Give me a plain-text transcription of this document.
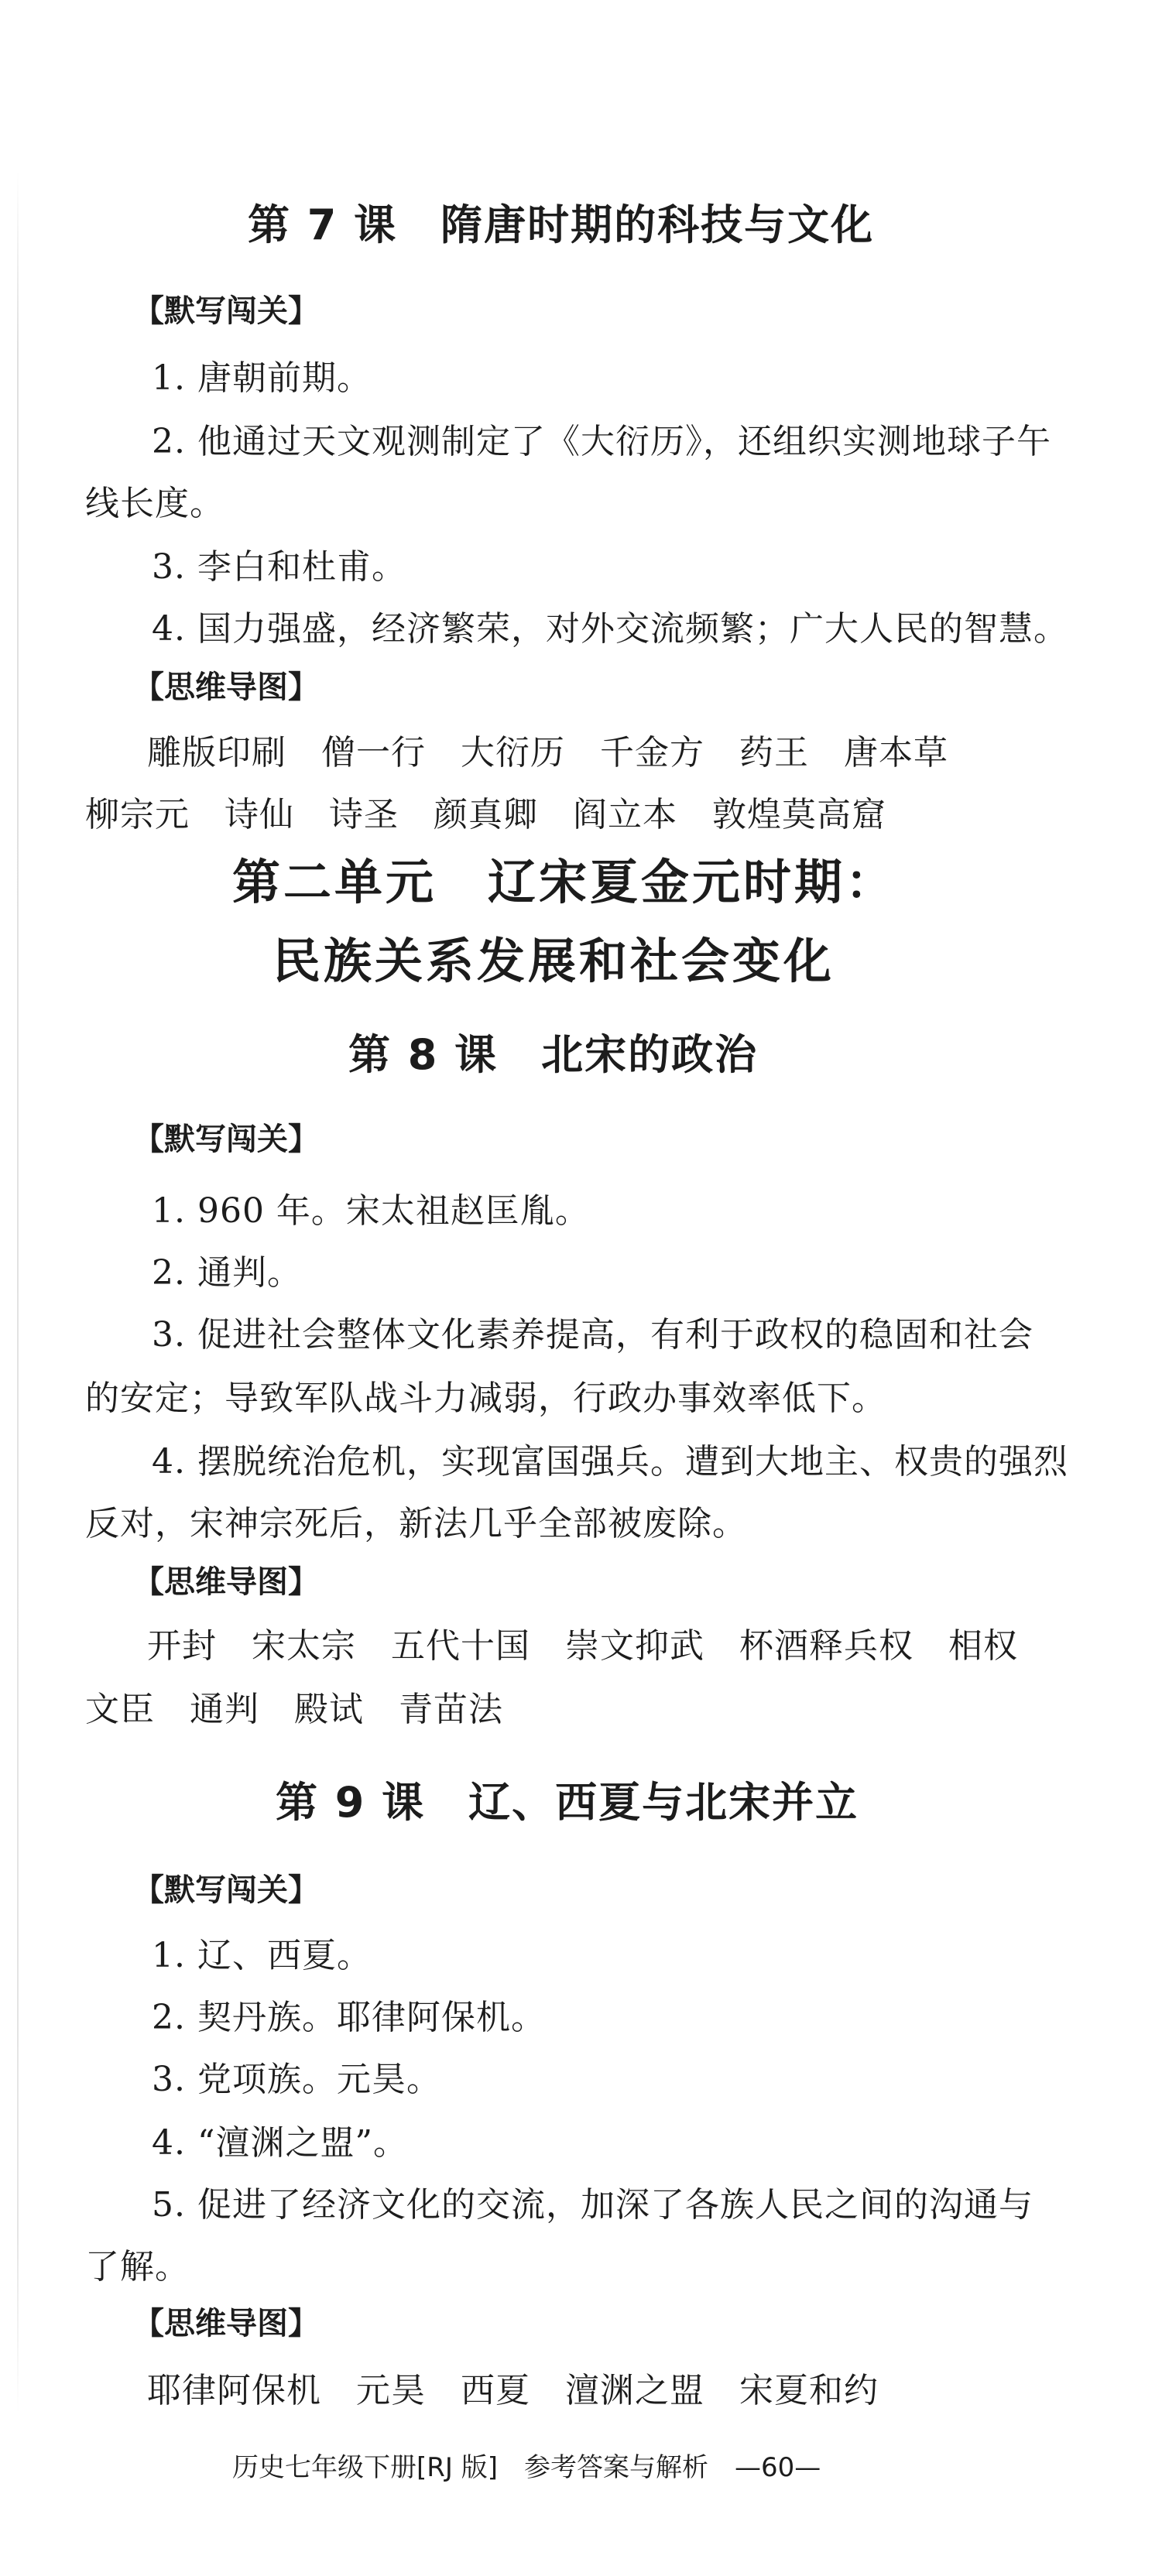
第 7 课　隋唐时期的科技与文化
【默写闯关】
1. 唐朝前期。
2. 他通过天文观测制定了《大衍历》，还组织实测地球子午
线长度。
3. 李白和杜甫。
4. 国力强盛，经济繁荣，对外交流频繁；广大人民的智慧。
【思维导图】
雕版印刷　僧一行　大衍历　千金方　药王　唐本草
柳宗元　诗仙　诗圣　颜真卿　阎立本　敦煌莫高窟
第二单元　辽宋夏金元时期：
民族关系发展和社会变化
第 8 课　北宋的政治
【默写闯关】
1. 960 年。宋太祖赵匡胤。
2. 通判。
3. 促进社会整体文化素养提高，有利于政权的稳固和社会
的安定；导致军队战斗力减弱，行政办事效率低下。
4. 摆脱统治危机，实现富国强兵。遭到大地主、权贵的强烈
反对，宋神宗死后，新法几乎全部被废除。
【思维导图】
开封　宋太宗　五代十国　崇文抑武　杯酒释兵权　相权
文臣　通判　殿试　青苗法
第 9 课　辽、西夏与北宋并立
【默写闯关】
1. 辽、西夏。
2. 契丹族。耶律阿保机。
3. 党项族。元昊。
4. “澶渊之盟”。
5. 促进了经济文化的交流，加深了各族人民之间的沟通与
了解。
【思维导图】
耶律阿保机　元昊　西夏　澶渊之盟　宋夏和约
历史七年级下册[RJ 版]　参考答案与解析　—60—
